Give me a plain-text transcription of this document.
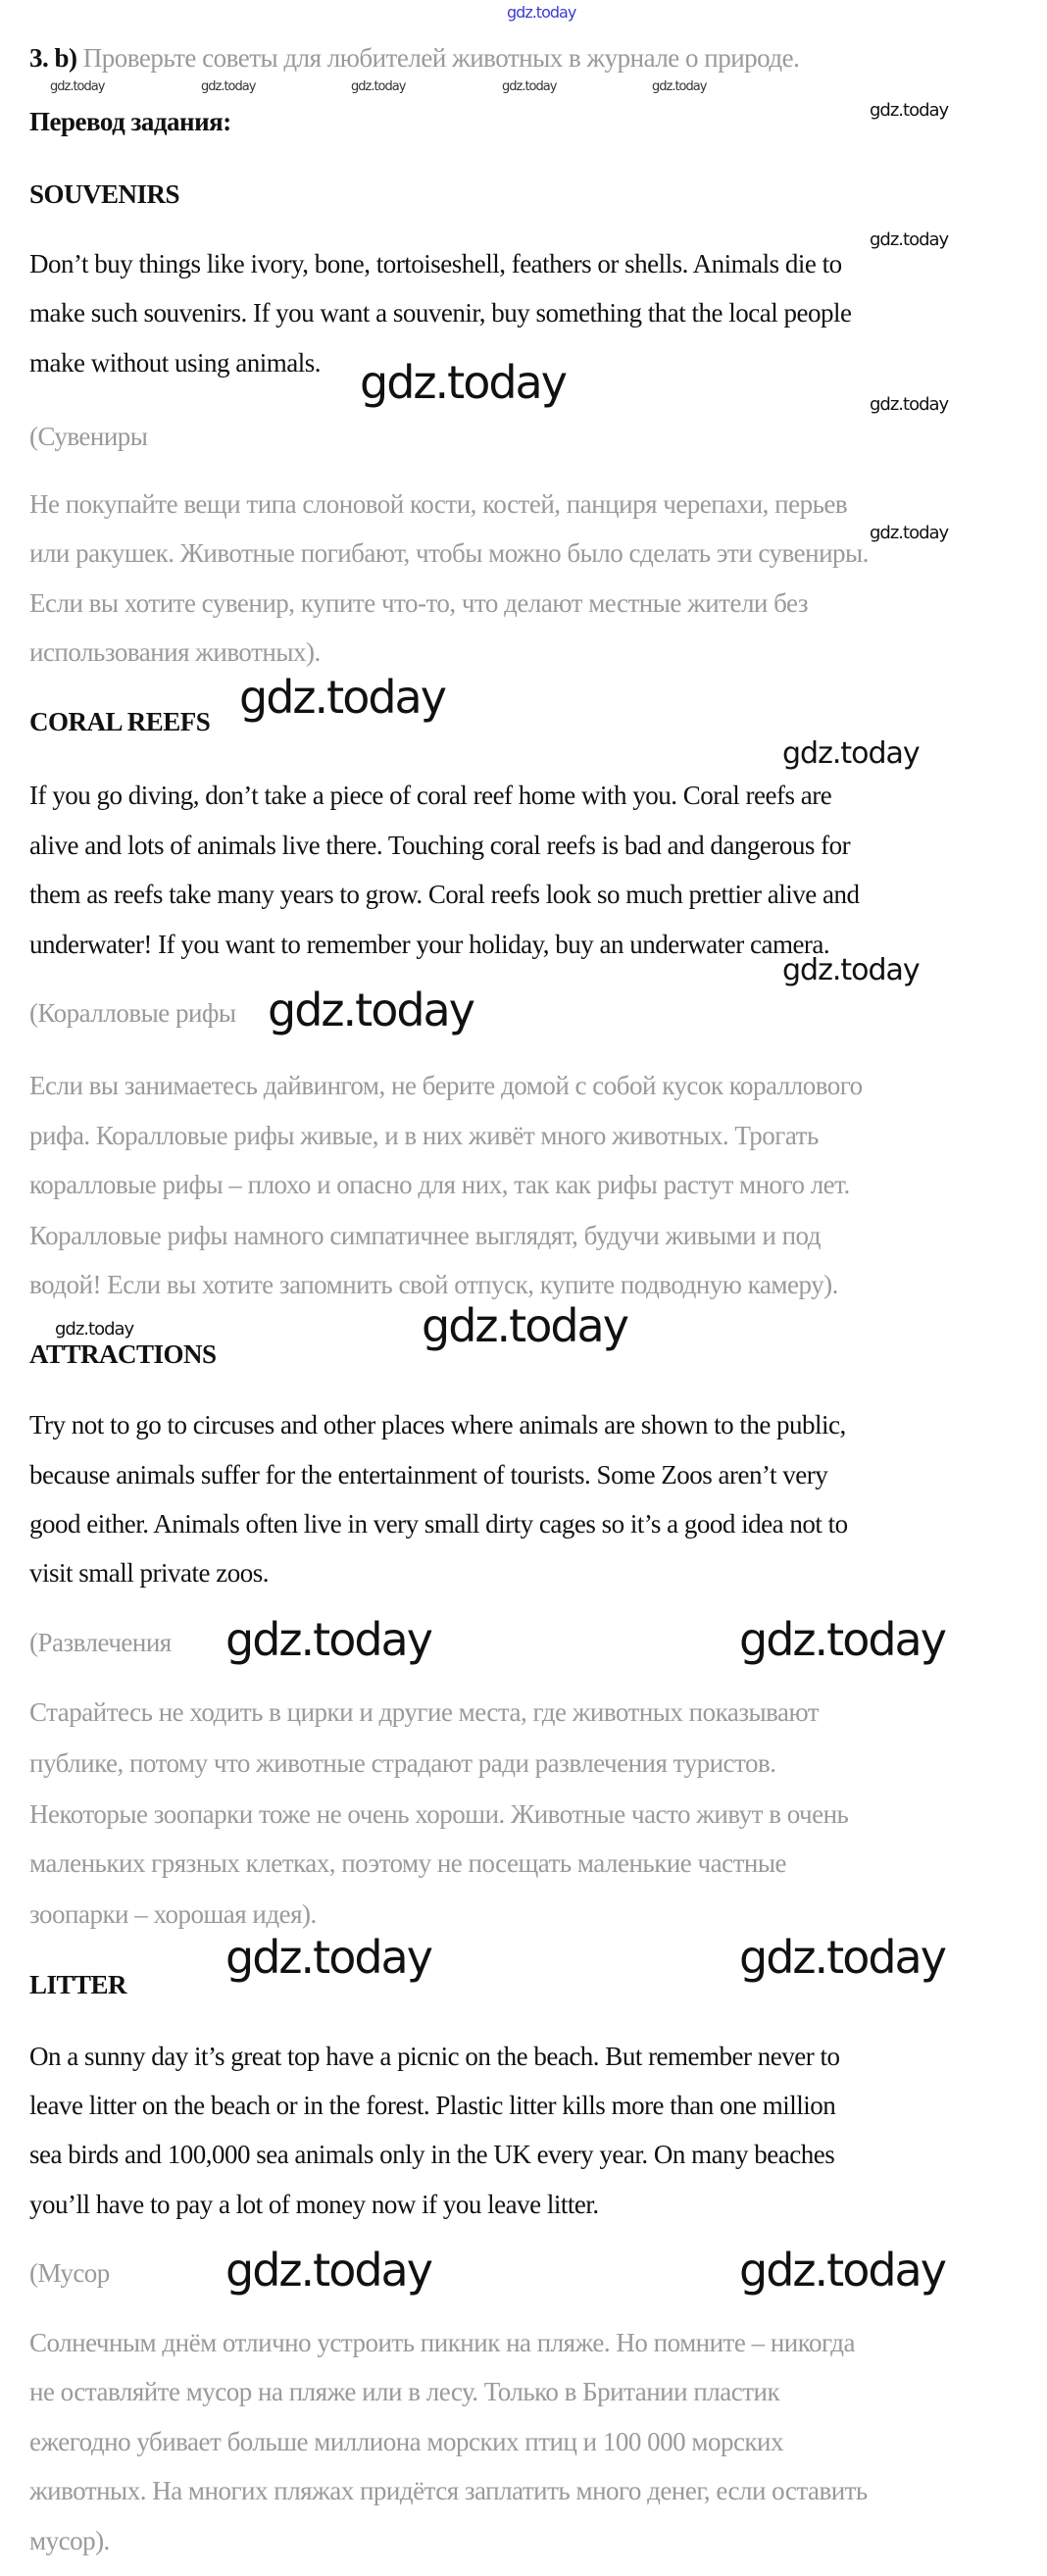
gdz.today
3. b) Проверьте советы для любителей животных в журнале о природе.
gdz.today	gdz.today	gdz.today	gdz.today	gdz.today
gdz.today
Перевод задания:
SOUVENIRS
Don’t buy things like ivory, bone, tortoiseshell, feathers or shells. Animals die to
make such souvenirs. If you want a souvenir, buy something that the local people
make without using animals.
(Сувениры
Не покупайте вещи типа слоновой кости, костей, панциря черепахи, перьев
или ракушек. Животные погибают, чтобы можно было сделать эти сувениры.
Если вы хотите сувенир, купите что-то, что делают местные жители без
использования животных).
gdz.today
gdz.today	gdz.today
gdz.today
gdz.today
CORAL REEFS
If you go diving, don’t take a piece of coral reef home with you. Coral reefs are
alive and lots of animals live there. Touching coral reefs is bad and dangerous for
them as reefs take many years to grow. Coral reefs look so much prettier alive and
underwater! If you want to remember your holiday, buy an underwater camera.
(Коралловые рифы
Если вы занимаетесь дайвингом, не берите домой с собой кусок кораллового
рифа. Коралловые рифы живые, и в них живёт много животных. Трогать
коралловые рифы – плохо и опасно для них, так как рифы растут много лет.
Коралловые рифы намного симпатичнее выглядят, будучи живыми и под
водой! Если вы хотите запомнить свой отпуск, купите подводную камеру).
gdz.today
gdz.today
gdz.today
gdz.today	gdz.today
ATTRACTIONS
Try not to go to circuses and other places where animals are shown to the public,
because animals suffer for the entertainment of tourists. Some Zoos aren’t very
good either. Animals often live in very small dirty cages so it’s a good idea not to
visit small private zoos.
(Развлечения
Старайтесь не ходить в цирки и другие места, где животных показывают
публике, потому что животные страдают ради развлечения туристов.
Некоторые зоопарки тоже не очень хороши. Животные часто живут в очень
маленьких грязных клетках, поэтому не посещать маленькие частные
зоопарки – хорошая идея).
gdz.today	gdz.today
gdz.today	gdz.today
LITTER
On a sunny day it’s great top have a picnic on the beach. But remember never to
leave litter on the beach or in the forest. Plastic litter kills more than one million
sea birds and 100,000 sea animals only in the UK every year. On many beaches
you’ll have to pay a lot of money now if you leave litter.
(Мусор
Солнечным днём отлично устроить пикник на пляже. Но помните – никогда
не оставляйте мусор на пляже или в лесу. Только в Британии пластик
ежегодно убивает больше миллиона морских птиц и 100 000 морских
животных. На многих пляжах придётся заплатить много денег, если оставить
мусор).
gdz.today	gdz.today
